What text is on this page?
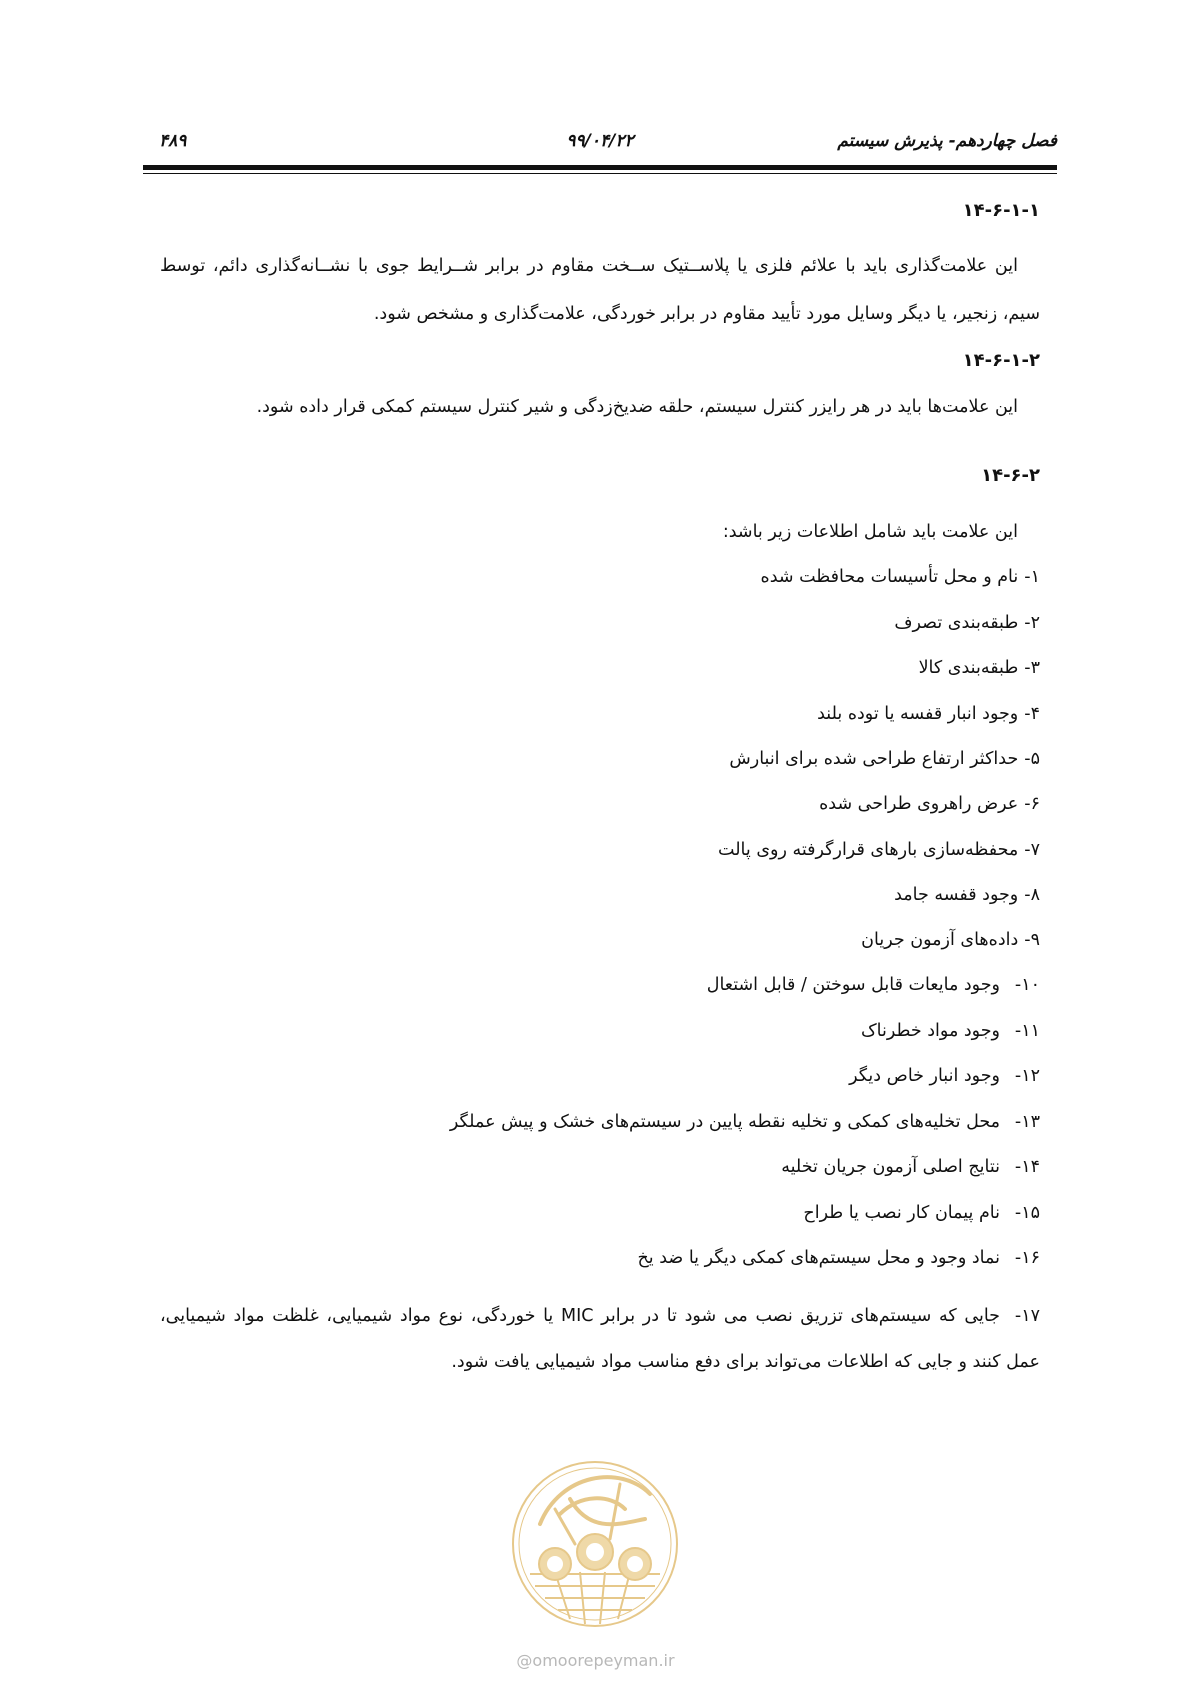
فصل چهاردهم- پذیرش سیستم
۹۹/۰۴/۲۲
۴۸۹

۱۴-۶-۱-۱

این علامت‌گذاری باید با علائم فلزی یا پلاســتیک ســخت مقاوم در برابر شــرایط جوی با نشــانه‌گذاری دائم، توسط سیم، زنجیر، یا دیگر وسایل مورد تأیید مقاوم در برابر خوردگی، علامت‌گذاری و مشخص شود.

۱۴-۶-۱-۲

این علامت‌ها باید در هر رایزر کنترل سیستم، حلقه ضدیخ‌زدگی و شیر کنترل سیستم کمکی قرار داده شود.

۱۴-۶-۲

این علامت باید شامل اطلاعات زیر باشد:

۱-نام و محل تأسیسات محافظت شده
۲-طبقه‌بندی تصرف
۳-طبقه‌بندی کالا
۴-وجود انبار قفسه یا توده بلند
۵-حداکثر ارتفاع طراحی شده برای انبارش
۶-عرض راهروی طراحی شده
۷-محفظه‌سازی بارهای قرارگرفته روی پالت
۸-وجود قفسه جامد
۹-داده‌های آزمون جریان
۱۰-وجود مایعات قابل سوختن / قابل اشتعال
۱۱-وجود مواد خطرناک
۱۲-وجود انبار خاص دیگر
۱۳-محل تخلیه‌های کمکی و تخلیه نقطه پایین در سیستم‌های خشک و پیش عملگر
۱۴-نتایج اصلی آزمون جریان تخلیه
۱۵-نام پیمان کار نصب یا طراح
۱۶-نماد وجود و محل سیستم‌های کمکی دیگر یا ضد یخ
۱۷-جایی که سیستم‌های تزریق نصب می شود تا در برابر MIC یا خوردگی، نوع مواد شیمیایی، غلظت مواد شیمیایی، عمل کنند و جایی که اطلاعات می‌تواند برای دفع مناسب مواد شیمیایی یافت شود.
@omoorepeyman.ir
